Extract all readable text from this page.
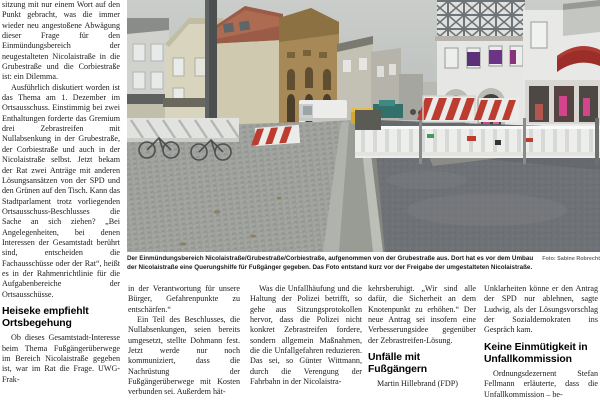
Foto: Sabine Robrecht
Der Einmündungsbereich Nicolaistraße/Grubestraße/Corbiestraße, aufgenommen von der Grubestraße aus. Dort hat es vor dem Umbau der Nicolaistraße eine Querungshilfe für Fußgänger gegeben. Das Foto entstand kurz vor der Freigabe der umgestalteten Nicolaistraße.

sitzung mit nur einem Wort auf den Punkt gebracht, was die immer wieder neu angestoßene Abwägung dieser Frage für den Einmündungsbereich der neugestalteten Nicolaistraße in die Grubestraße und die Corbiestraße ist: ein Dilemma.

Ausführlich diskutiert worden ist das Thema am 1. Dezember im Ortsausschuss. Einstimmig bei zwei Enthaltungen forderte das Gremium drei Zebrastreifen mit Nullabsenkung in der Grubestraße, der Corbiestraße und auch in der Nicolaistraße selbst. Jetzt bekam der Rat zwei Anträge mit anderen Lösungsansätzen von der SPD und den Grünen auf den Tisch. Kann das Stadtparlament trotz vorliegenden Ortsausschuss-Beschlusses die Sache an sich ziehen? „Bei Angelegenheiten, bei denen Interessen der Gesamtstadt berührt sind, entscheiden die Fachausschüsse oder der Rat“, heißt es in der Rahmenrichtlinie für die Aufgabenbereiche der Ortsausschüsse.

Heiseke empfiehlt Ortsbegehung

Ob dieses Gesamtstadt-Interesse beim Thema Fußgängerüberwege im Bereich Nicolaistraße gegeben ist, war im Rat die Frage. UWG-Frak-

in der Verantwortung für unsere Bürger, Gefahrenpunkte zu entschärfen.“

Ein Teil des Beschlusses, die Nullabsenkungen, seien bereits umgesetzt, stellte Dohmann fest. Jetzt werde nur noch kommuniziert, dass die Nachrüstung der Fußgängerüberwege mit Kosten verbunden sei. Außerdem hät-

Was die Unfallhäufung und die Haltung der Polizei betrifft, so gehe aus Sitzungsprotokollen hervor, dass die Polizei nicht konkret Zebrastreifen fordere, sondern allgemein Maßnahmen, die die Unfallgefahren reduzieren. Das sei, so Günter Wittmann, durch die Verengung der Fahrbahn in der Nicolaistra-

kehrsberuhigt. „Wir sind alle dafür, die Sicherheit an dem Knotenpunkt zu erhöhen.“ Der neue Antrag sei insofern eine Verbesserungsidee gegenüber der Zebrastreifen-Lösung.

Unfälle mit Fußgängern

Martin Hillebrand (FDP)

Unklarheiten könne er den Antrag der SPD nur ablehnen, sagte Ludwig, als der Lösungsvorschlag der Sozialdemokraten ins Gespräch kam.

Keine Einmütigkeit in Unfallkommission

Ordnungsdezernent Stefan Fellmann erläuterte, dass die Unfallkommission – be-
